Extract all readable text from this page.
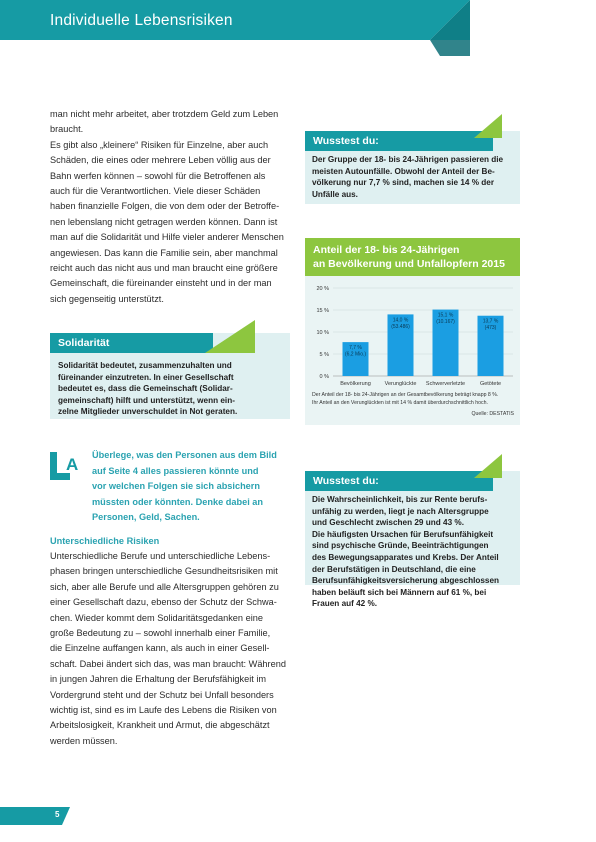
Individuelle Lebensrisiken

man nicht mehr arbeitet, aber trotzdem Geld zum Leben
braucht.
Es gibt also „kleinere“ Risiken für Einzelne, aber auch
Schäden, die eines oder mehrere Leben völlig aus der
Bahn werfen können – sowohl für die Betroffenen als
auch für die Verantwortlichen. Viele dieser Schäden
haben finanzielle Folgen, die von dem oder der Betroffe-
nen lebenslang nicht getragen werden können. Dann ist
man auf die Solidarität und Hilfe vieler anderer Menschen
angewiesen. Das kann die Familie sein, aber manchmal
reicht auch das nicht aus und man braucht eine größere
Gemeinschaft, die füreinander einsteht und in der man
sich gegenseitig unterstützt.

Solidarität
Solidarität bedeutet, zusammenzuhalten und
füreinander einzutreten. In einer Gesellschaft
bedeutet es, dass die Gemeinschaft (Solidar-
gemeinschaft) hilft und unterstützt, wenn ein-
zelne Mitglieder unverschuldet in Not geraten.
A Überlege, was den Personen aus dem Bild
auf Seite 4 alles passieren könnte und
vor welchen Folgen sie sich absichern
müssten oder könnten. Denke dabei an
Personen, Geld, Sachen.
Unterschiedliche Risiken

Unterschiedliche Berufe und unterschiedliche Lebens-
phasen bringen unterschiedliche Gesundheitsrisiken mit
sich, aber alle Berufe und alle Altersgruppen gehören zu
einer Gesellschaft dazu, ebenso der Schutz der Schwa-
chen. Wieder kommt dem Solidaritätsgedanken eine
große Bedeutung zu – sowohl innerhalb einer Familie,
die Einzelne auffangen kann, als auch in einer Gesell-
schaft. Dabei ändert sich das, was man braucht: Während
in jungen Jahren die Erhaltung der Berufsfähigkeit im
Vordergrund steht und der Schutz bei Unfall besonders
wichtig ist, sind es im Laufe des Lebens die Risiken von
Arbeitslosigkeit, Krankheit und Armut, die abgeschätzt
werden müssen.

Wusstest du:
Der Gruppe der 18- bis 24-Jährigen passieren die
meisten Autounfälle. Obwohl der Anteil der Be-
völkerung nur 7,7 % sind, machen sie 14 % der
Unfälle aus.
Anteil der 18- bis 24-Jährigen
an Bevölkerung und Unfallopfern 2015
0 %
5 %
10 %
15 %
20 %
7,7 %
(6,2 Mio.)
Bevölkerung
14,0 %
(53.486)
Verunglückte
15,1 %
(10.167)
Schwerverletzte
13,7 %
(473)
Getötete
Der Anteil der 18- bis 24-Jährigen an der Gesamtbevölkerung beträgt knapp 8 %.
Ihr Anteil an den Verunglückten ist mit 14 % damit überdurchschnittlich hoch.
Quelle: DESTATIS
Wusstest du:
Die Wahrscheinlichkeit, bis zur Rente berufs-
unfähig zu werden, liegt je nach Altersgruppe
und Geschlecht zwischen 29 und 43 %.
Die häufigsten Ursachen für Berufsunfähigkeit
sind psychische Gründe, Beeinträchtigungen
des Bewegungsapparates und Krebs. Der Anteil
der Berufstätigen in Deutschland, die eine
Berufsunfähigkeitsversicherung abgeschlossen
haben beläuft sich bei Männern auf 61 %, bei
Frauen auf 42 %.
5
